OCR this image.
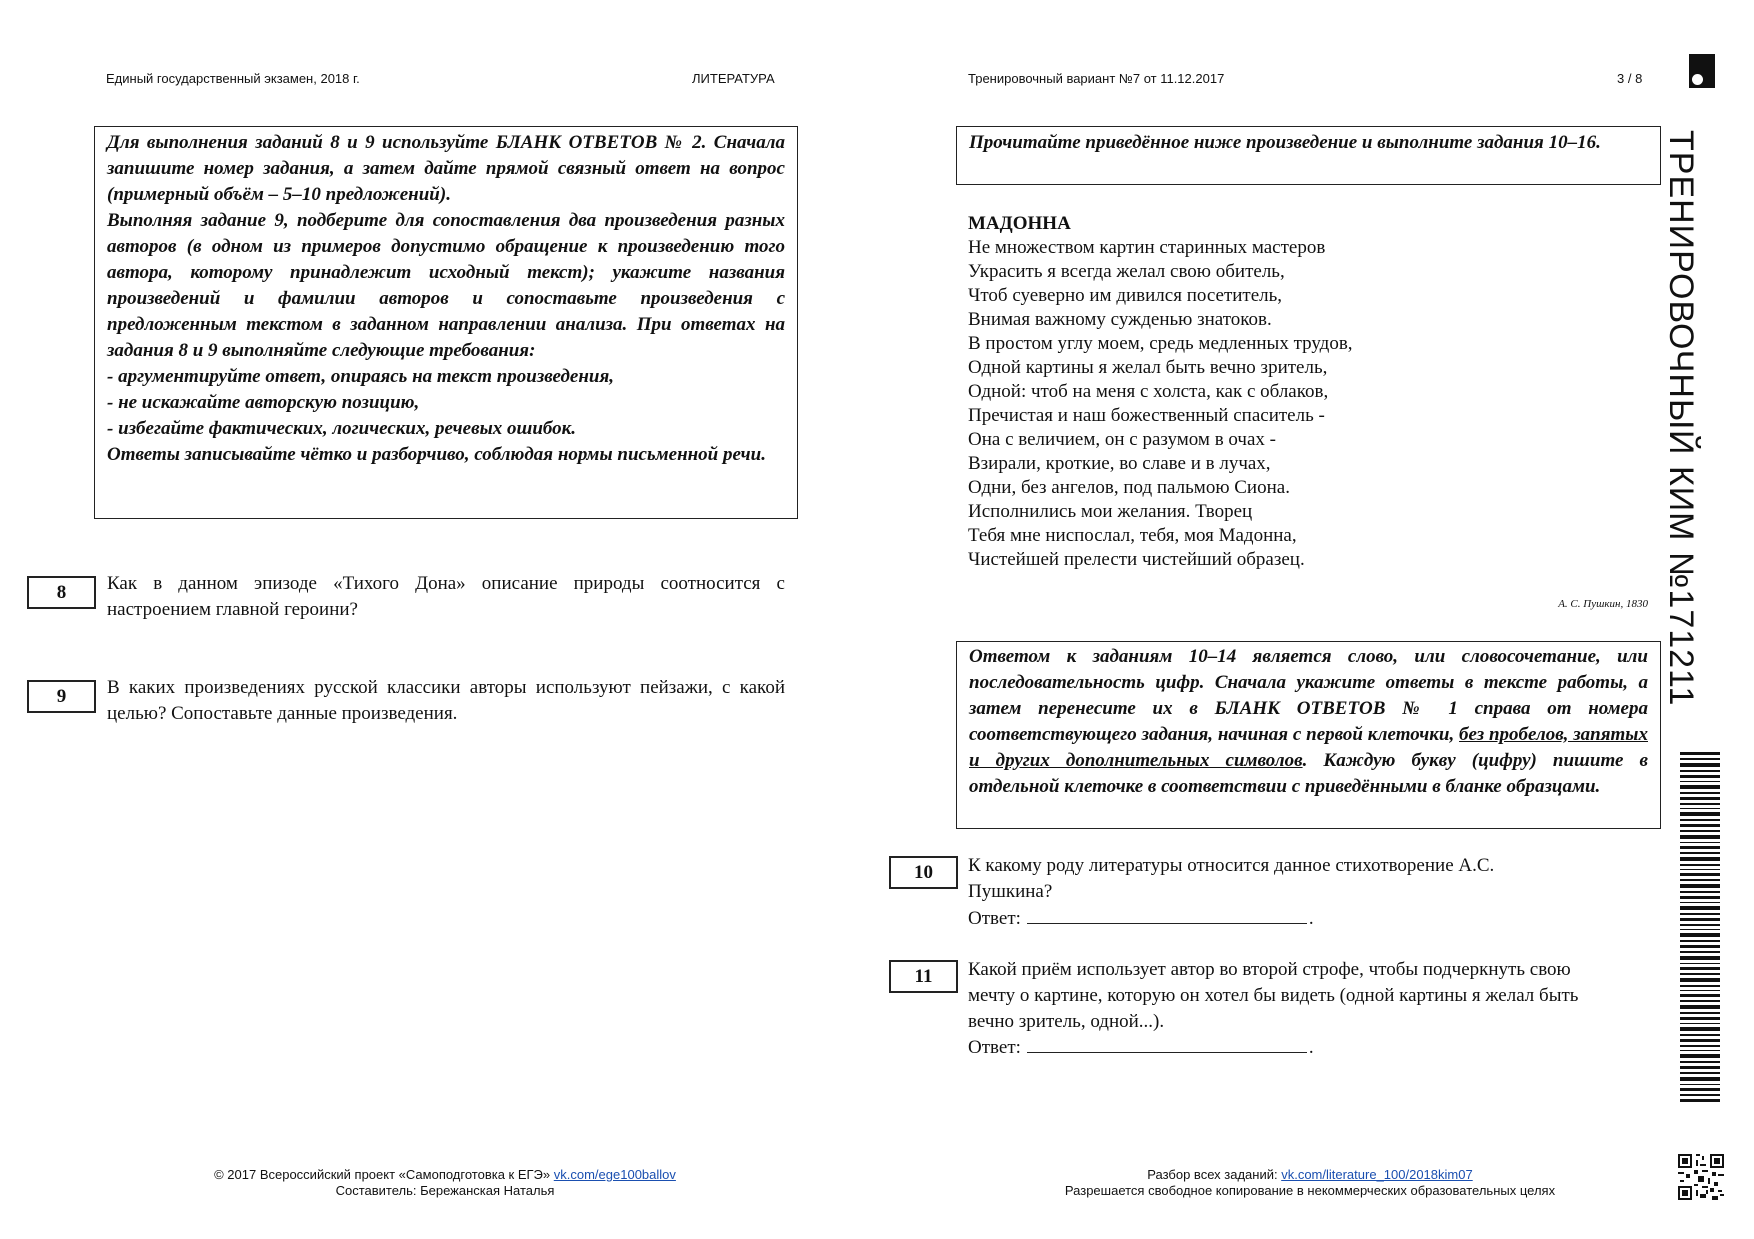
Единый государственный экзамен, 2018 г.	ЛИТЕРАТУРА	Тренировочный вариант №7 от 11.12.2017	3 / 8
ТРЕНИРОВОЧНЫЙ КИМ №171211

Для выполнения заданий 8 и 9 используйте БЛАНК ОТВЕТОВ № 2. Сначала запишите номер задания, а затем дайте прямой связный ответ на вопрос (примерный объём – 5–10 предложений).

Выполняя задание 9, подберите для сопоставления два произведения разных авторов (в одном из примеров допустимо обращение к произведению того автора, которому принадлежит исходный текст); укажите названия произведений и фамилии авторов и сопоставьте произведения с предложенным текстом в заданном направлении анализа. При ответах на задания 8 и 9 выполняйте следующие требования:

- аргументируйте ответ, опираясь на текст произведения,

- не искажайте авторскую позицию,

- избегайте фактических, логических, речевых ошибок.

Ответы записывайте чётко и разборчиво, соблюдая нормы письменной речи.

8	Как в данном эпизоде «Тихого Дона» описание природы соотносится с настроением главной героини?

9	В каких произведениях русской классики авторы используют пейзажи, с какой целью? Сопоставьте данные произведения.

Прочитайте приведённое ниже произведение и выполните задания 10–16.

МАДОННА
Не множеством картин старинных мастеров
Украсить я всегда желал свою обитель,
Чтоб суеверно им дивился посетитель,
Внимая важному сужденью знатоков.
В простом углу моем, средь медленных трудов,
Одной картины я желал быть вечно зритель,
Одной: чтоб на меня с холста, как с облаков,
Пречистая и наш божественный спаситель -
Она с величием, он с разумом в очах -
Взирали, кроткие, во славе и в лучах,
Одни, без ангелов, под пальмою Сиона.
Исполнились мои желания. Творец
Тебя мне ниспослал, тебя, моя Мадонна,
Чистейшей прелести чистейший образец.
А. С. Пушкин, 1830

Ответом к заданиям 10–14 является слово, или словосочетание, или последовательность цифр. Сначала укажите ответы в тексте работы, а затем перенесите их в БЛАНК ОТВЕТОВ № 1 справа от номера соответствующего задания, начиная с первой клеточки, без пробелов, запятых и других дополнительных символов. Каждую букву (цифру) пишите в отдельной клеточке в соответствии с приведёнными в бланке образцами.

10	К какому роду литературы относится данное стихотворение А.С. Пушкина?

Ответ:	.
11	Какой приём использует автор во второй строфе, чтобы подчеркнуть свою мечту о картине, которую он хотел бы видеть (одной картины я желал быть вечно зритель, одной...).

Ответ:	.
© 2017 Всероссийский проект «Самоподготовка к ЕГЭ» vk.com/ege100ballov
Составитель: Бережанская Наталья
Разбор всех заданий: vk.com/literature_100/2018kim07
Разрешается свободное копирование в некоммерческих образовательных целях
